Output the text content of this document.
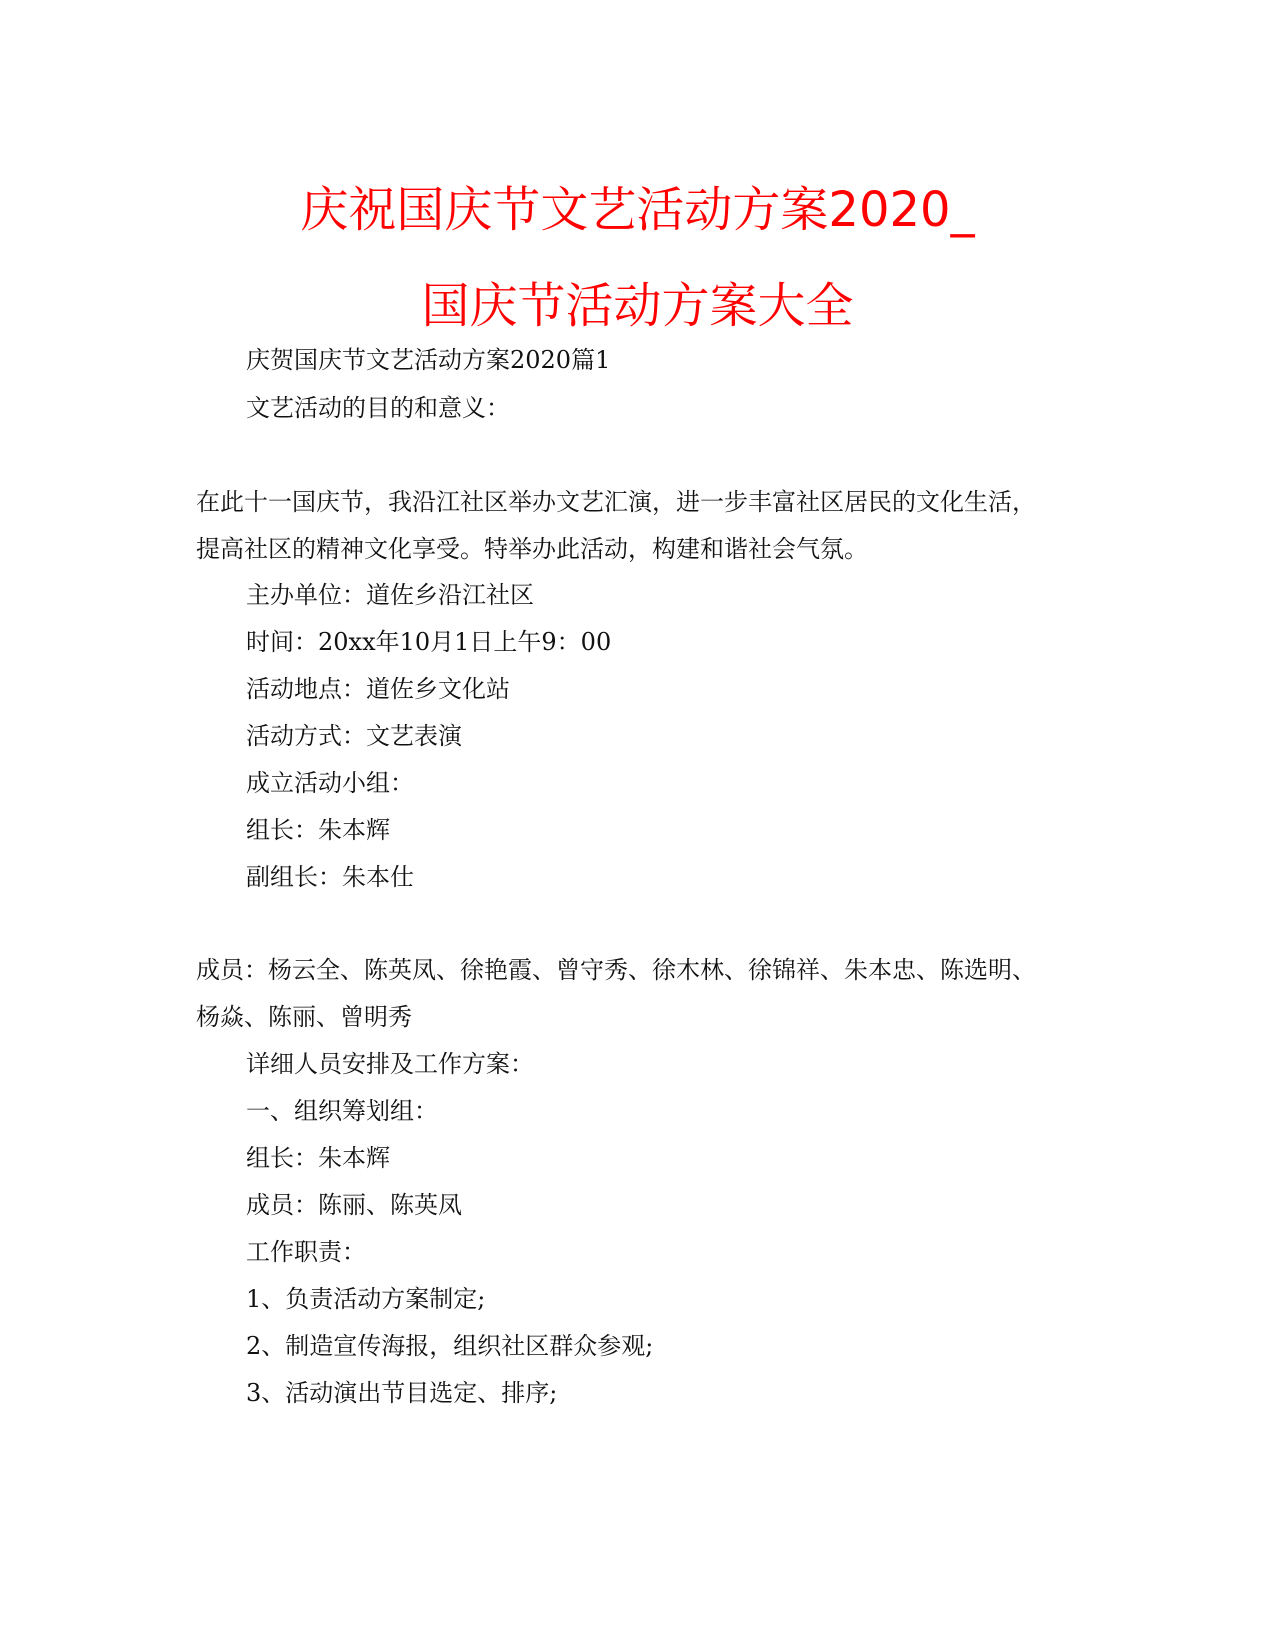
庆祝国庆节文艺活动方案2020_
国庆节活动方案大全
庆贺国庆节文艺活动方案2020篇1
文艺活动的目的和意义：
在此十一国庆节，我沿江社区举办文艺汇演，进一步丰富社区居民的文化生活，
提高社区的精神文化享受。特举办此活动，构建和谐社会气氛。
主办单位：道佐乡沿江社区
时间：20xx年10月1日上午9：00
活动地点：道佐乡文化站
活动方式：文艺表演
成立活动小组：
组长：朱本辉
副组长：朱本仕
成员：杨云全、陈英凤、徐艳霞、曾守秀、徐木林、徐锦祥、朱本忠、陈选明、
杨焱、陈丽、曾明秀
详细人员安排及工作方案：
一、组织筹划组：
组长：朱本辉
成员：陈丽、陈英凤
工作职责：
1、负责活动方案制定;
2、制造宣传海报，组织社区群众参观;
3、活动演出节目选定、排序;
